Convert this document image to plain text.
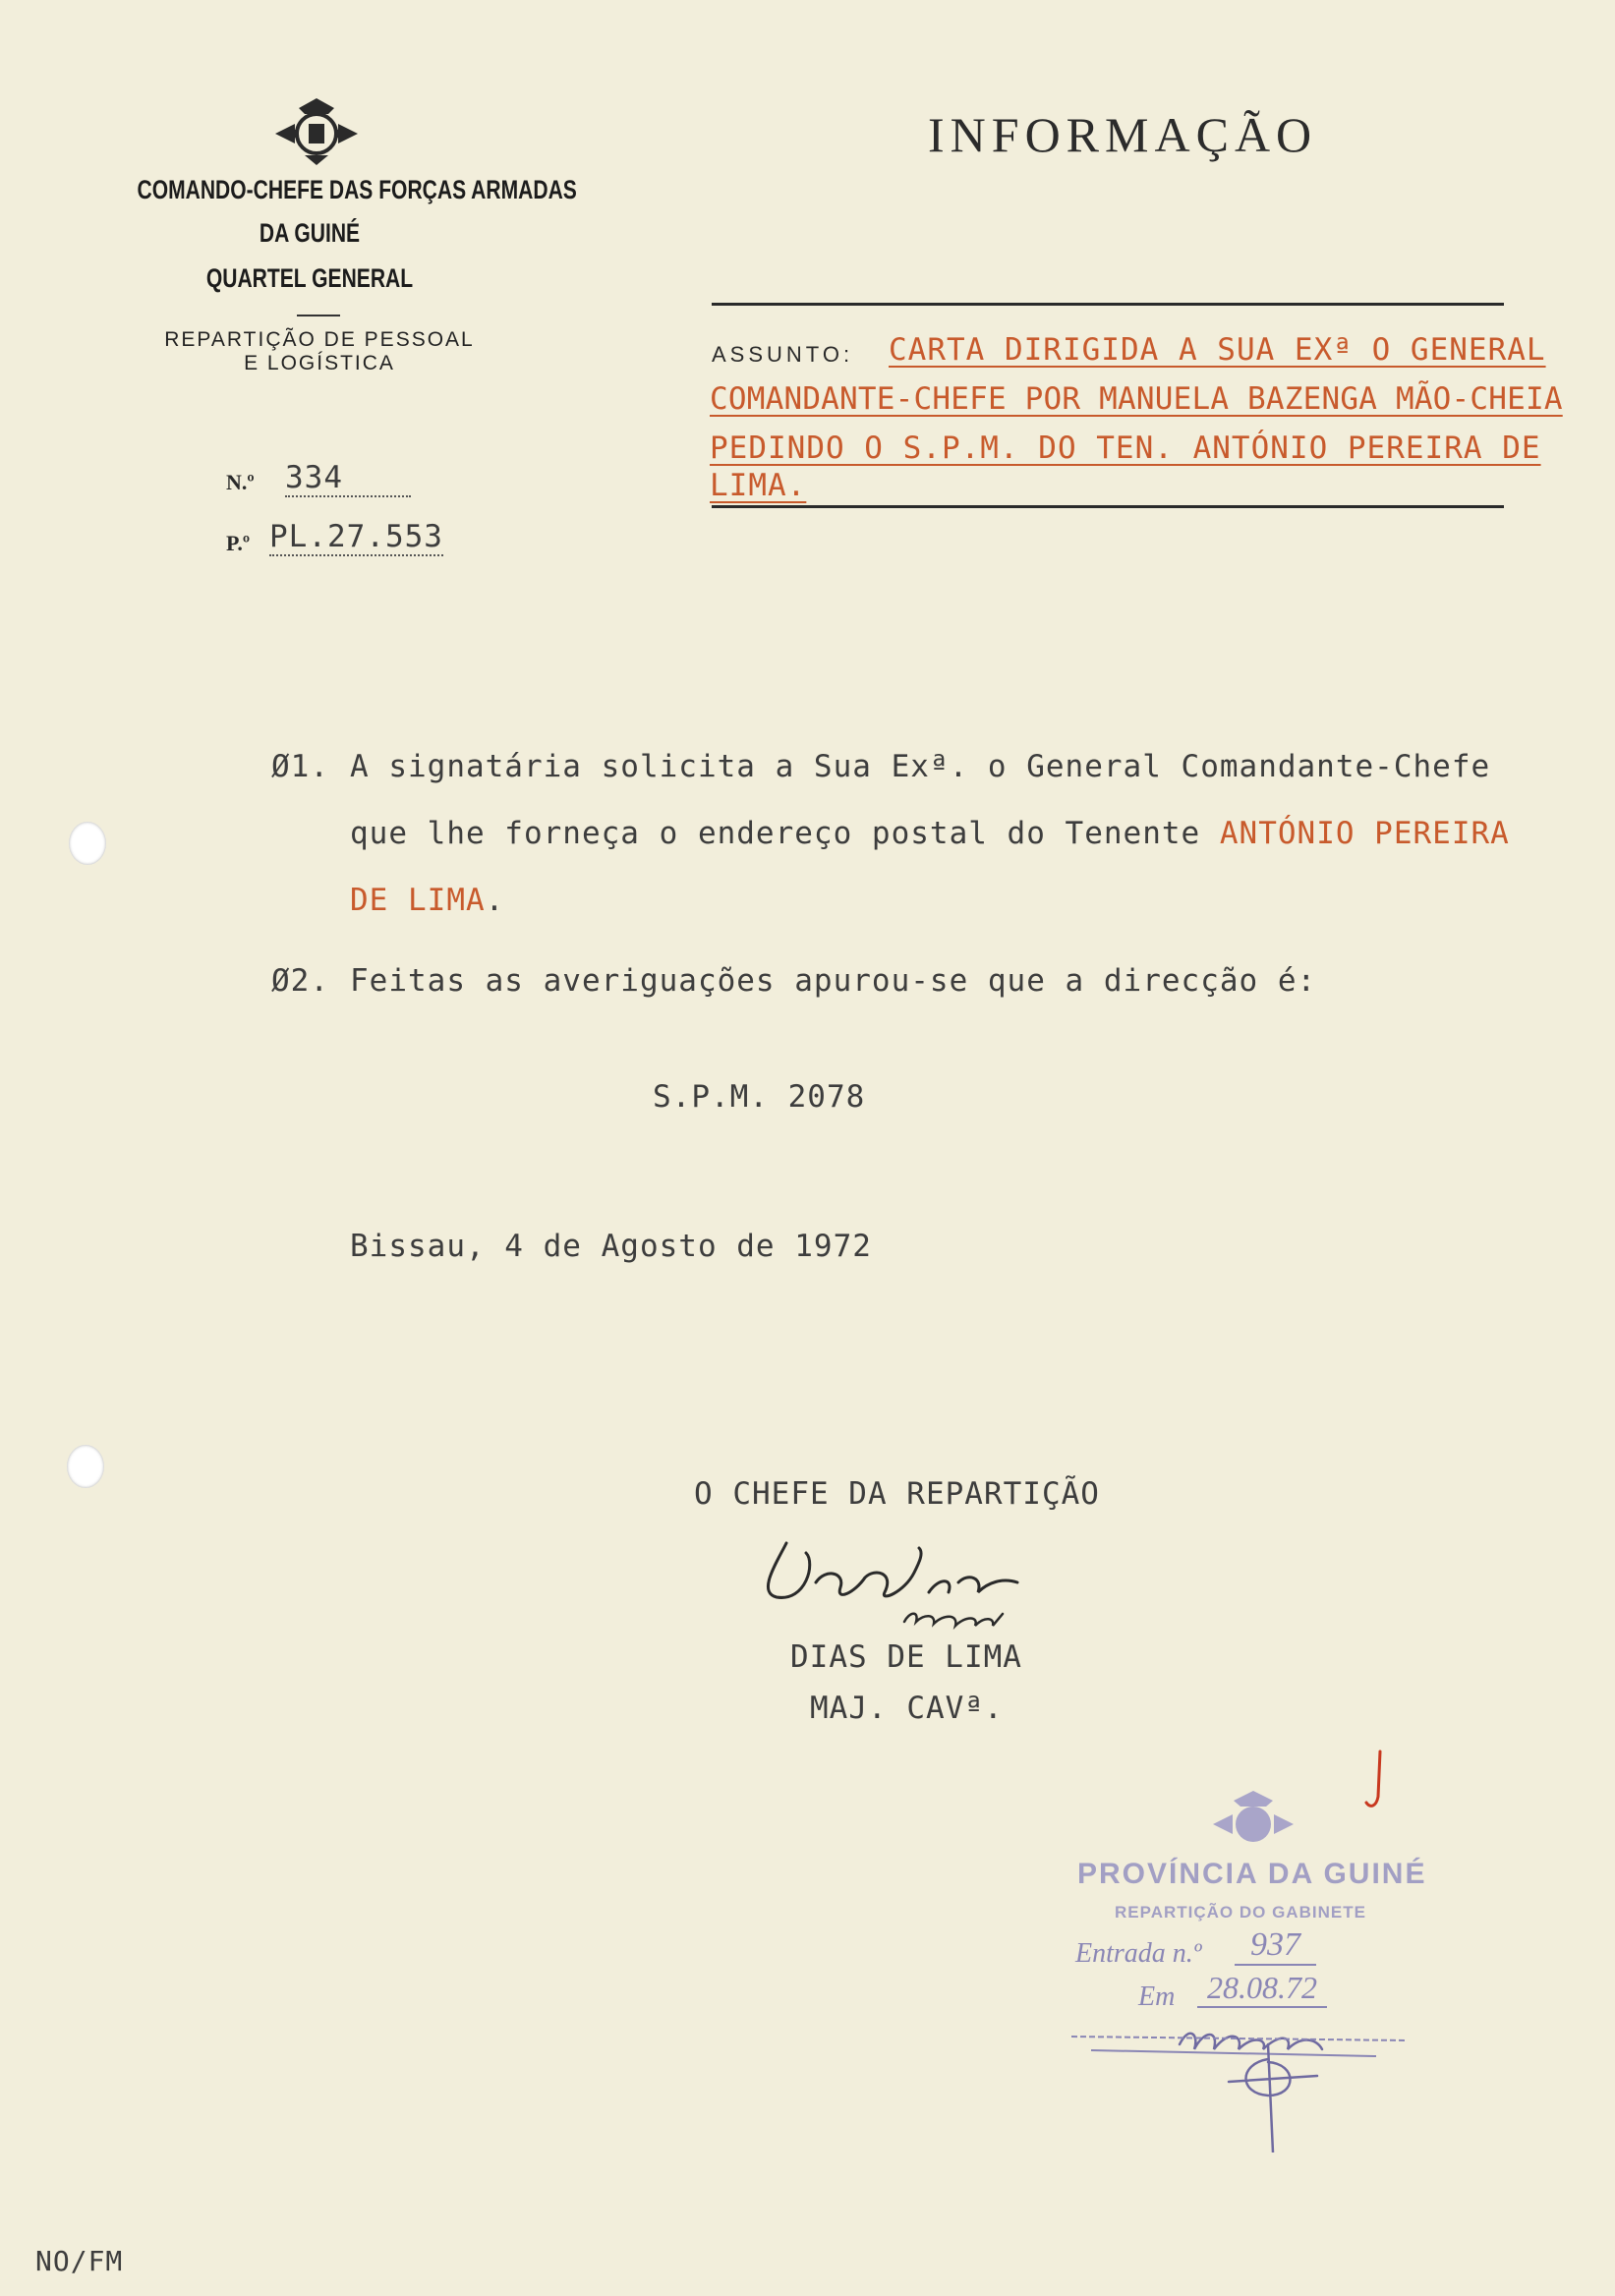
COMANDO-CHEFE DAS FORÇAS ARMADAS
DA GUINÉ
QUARTEL GENERAL
REPARTIÇÃO DE PESSOAL
E LOGÍSTICA
INFORMAÇÃO
N.º 334
P.º PL.27.553
ASSUNTO: CARTA DIRIGIDA A SUA EXª O GENERAL
COMANDANTE-CHEFE POR MANUELA BAZENGA MÃO-CHEIA
PEDINDO O S.P.M. DO TEN. ANTÓNIO PEREIRA DE
LIMA.
Ø1. A signatária solicita a Sua Exª. o General Comandante-Chefe
que lhe forneça o endereço postal do Tenente ANTÓNIO PEREIRA
DE LIMA.
Ø2. Feitas as averiguações apurou-se que a direcção é:
S.P.M. 2078
Bissau, 4 de Agosto de 1972
O CHEFE DA REPARTIÇÃO
DIAS DE LIMA
MAJ. CAVª.
PROVÍNCIA DA GUINÉ
REPARTIÇÃO DO GABINETE
Entrada n.º	937
Em	28.08.72
NO/FM
